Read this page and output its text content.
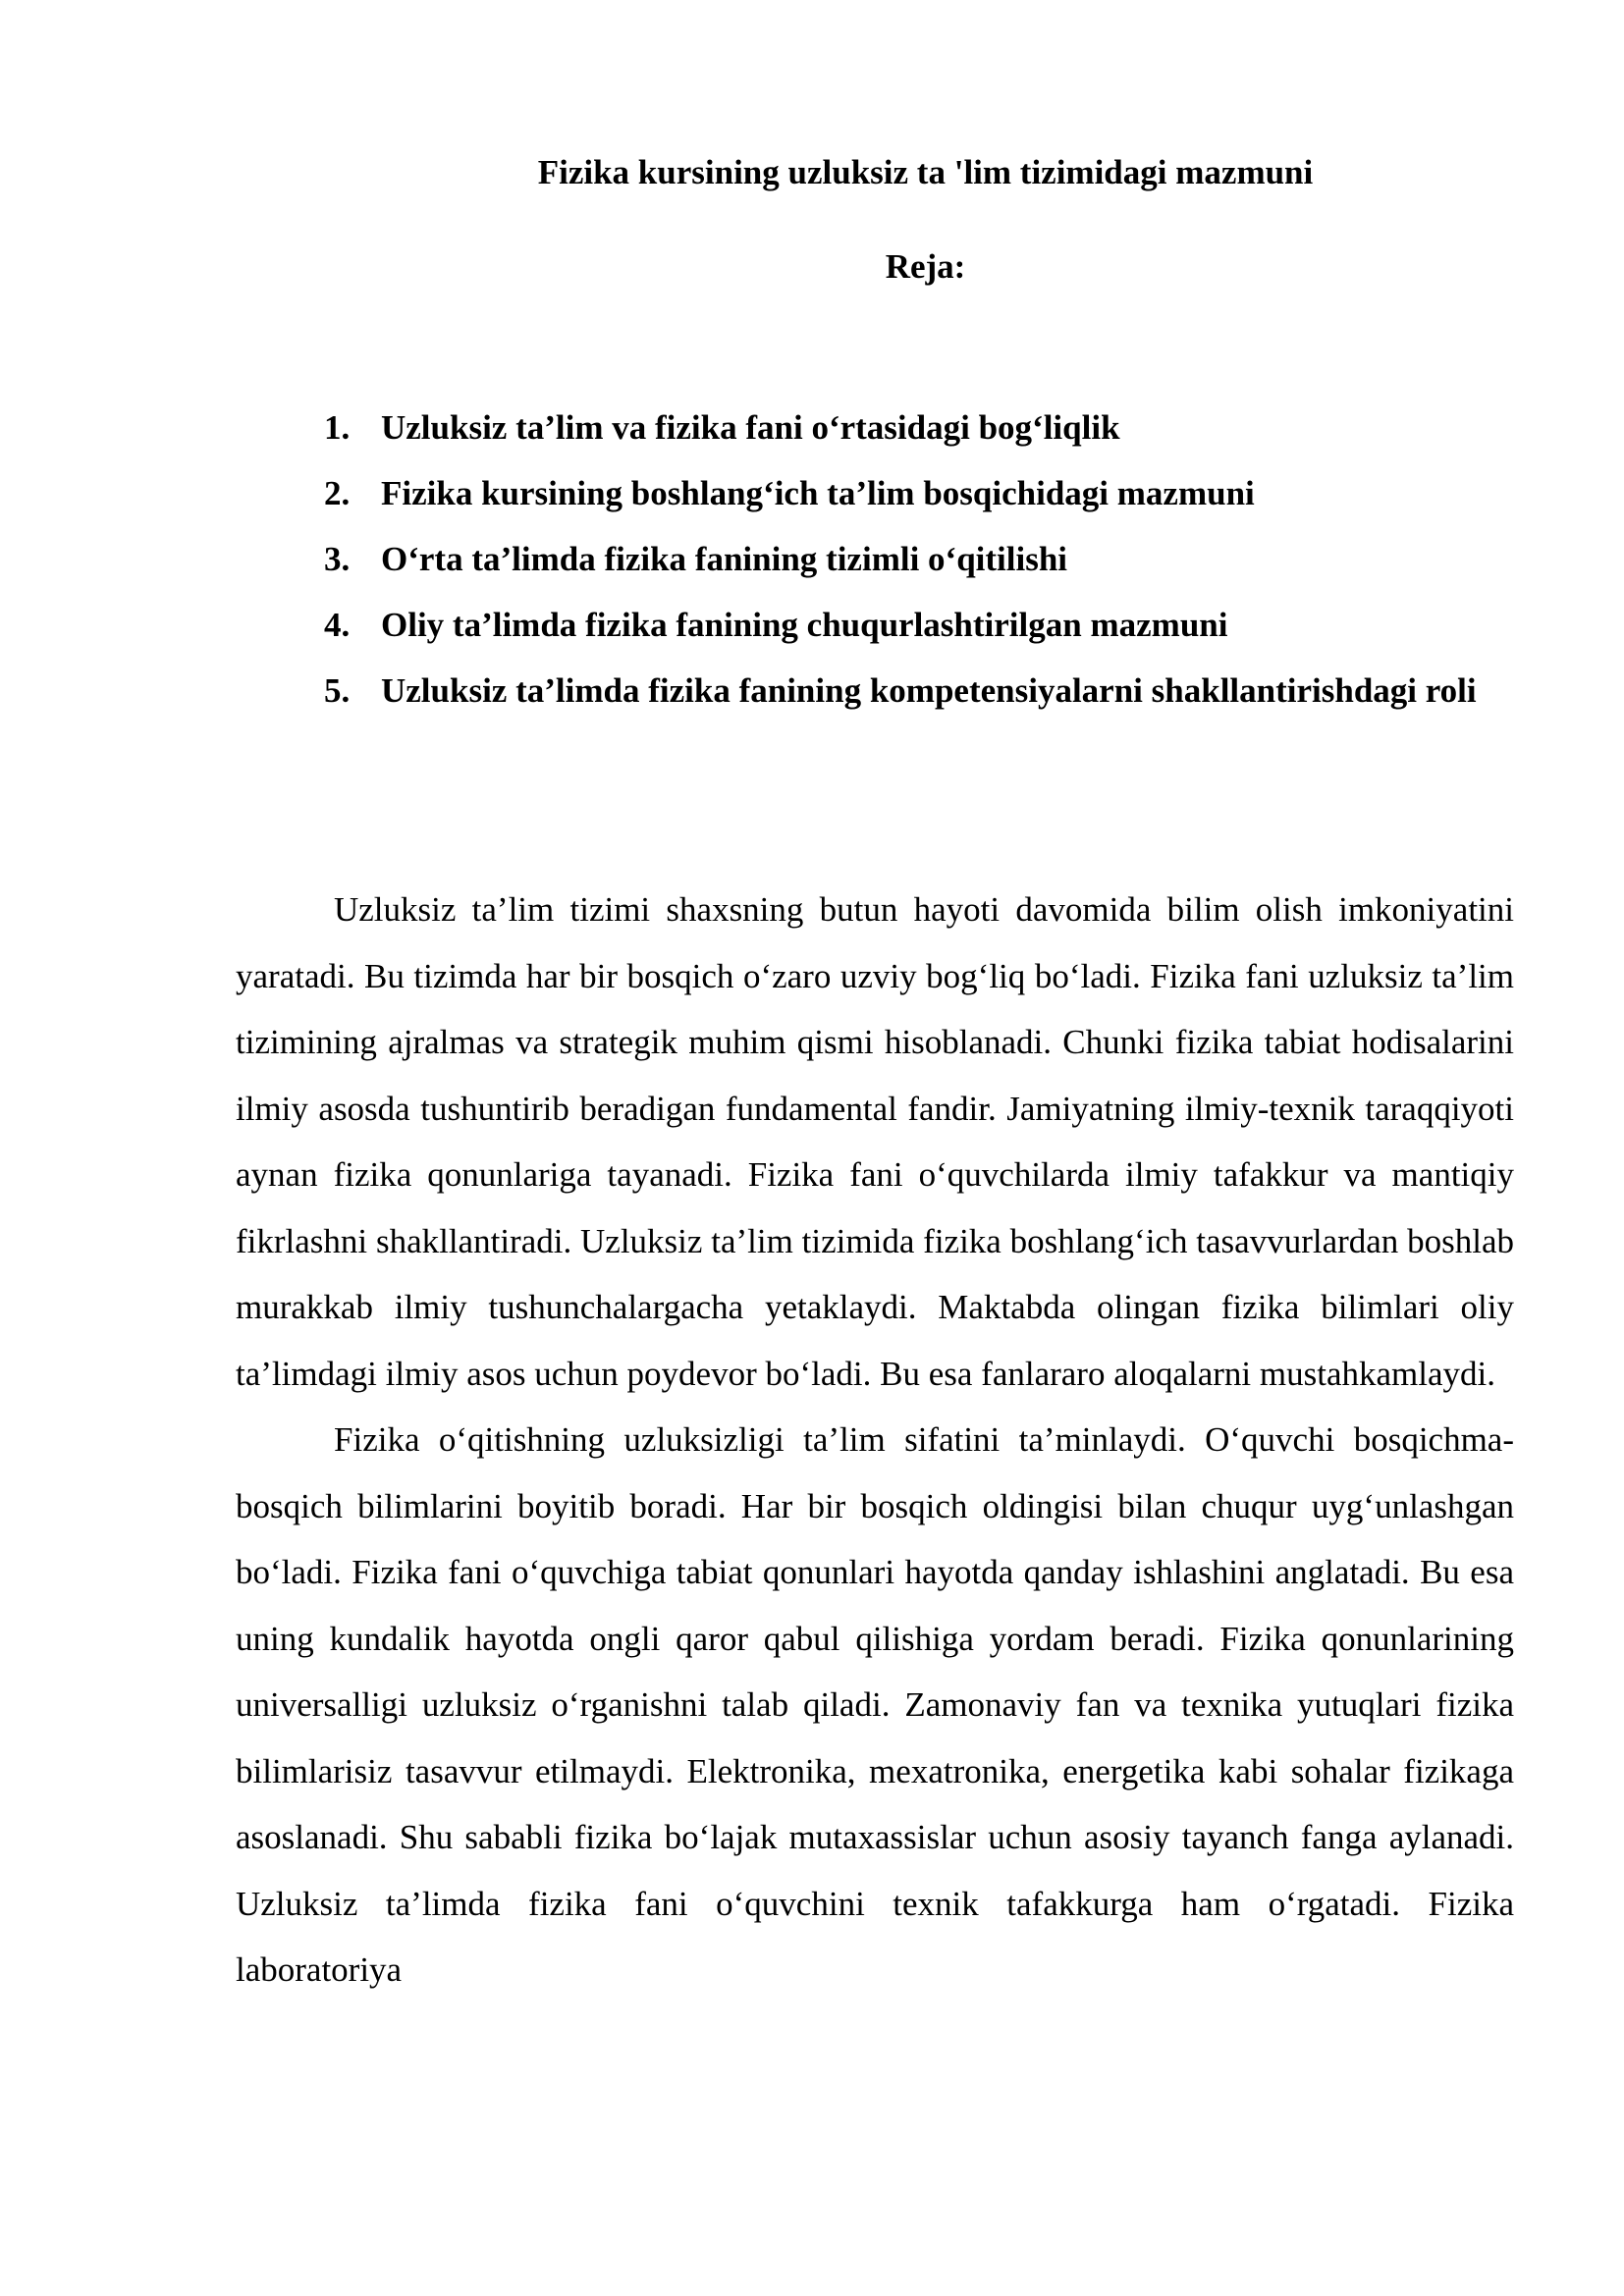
Fizika kursining uzluksiz ta 'lim tizimidagi mazmuni
Reja:
1. Uzluksiz ta’lim va fizika fani o‘rtasidagi bog‘liqlik
2. Fizika kursining boshlang‘ich ta’lim bosqichidagi mazmuni
3. O‘rta ta’limda fizika fanining tizimli o‘qitilishi
4. Oliy ta’limda fizika fanining chuqurlashtirilgan mazmuni
5. Uzluksiz ta’limda fizika fanining kompetensiyalarni shakllantirishdagi roli

Uzluksiz ta’lim tizimi shaxsning butun hayoti davomida bilim olish imkoniyatini yaratadi. Bu tizimda har bir bosqich o‘zaro uzviy bog‘liq bo‘ladi. Fizika fani uzluksiz ta’lim tizimining ajralmas va strategik muhim qismi hisoblanadi. Chunki fizika tabiat hodisalarini ilmiy asosda tushuntirib beradigan fundamental fandir. Jamiyatning ilmiy-texnik taraqqiyoti aynan fizika qonunlariga tayanadi. Fizika fani o‘quvchilarda ilmiy tafakkur va mantiqiy fikrlashni shakllantiradi. Uzluksiz ta’lim tizimida fizika boshlang‘ich tasavvurlardan boshlab murakkab ilmiy tushunchalargacha yetaklaydi. Maktabda olingan fizika bilimlari oliy ta’limdagi ilmiy asos uchun poydevor bo‘ladi. Bu esa fanlararo aloqalarni mustahkamlaydi.

Fizika o‘qitishning uzluksizligi ta’lim sifatini ta’minlaydi. O‘quvchi bosqichma-bosqich bilimlarini boyitib boradi. Har bir bosqich oldingisi bilan chuqur uyg‘unlashgan bo‘ladi. Fizika fani o‘quvchiga tabiat qonunlari hayotda qanday ishlashini anglatadi. Bu esa uning kundalik hayotda ongli qaror qabul qilishiga yordam beradi. Fizika qonunlarining universalligi uzluksiz o‘rganishni talab qiladi. Zamonaviy fan va texnika yutuqlari fizika bilimlarisiz tasavvur etilmaydi. Elektronika, mexatronika, energetika kabi sohalar fizikaga asoslanadi. Shu sababli fizika bo‘lajak mutaxassislar uchun asosiy tayanch fanga aylanadi. Uzluksiz ta’limda fizika fani o‘quvchini texnik tafakkurga ham o‘rgatadi. Fizika laboratoriya
